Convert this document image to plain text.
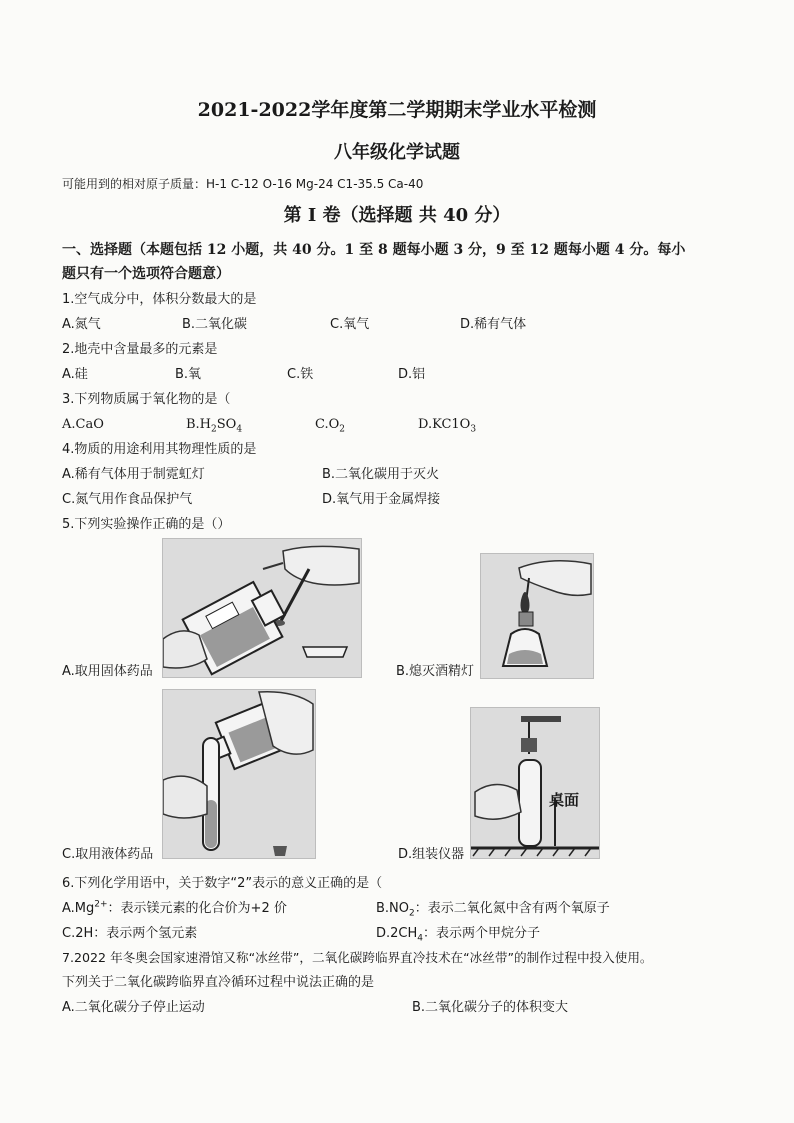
2021-2022学年度第二学期期末学业水平检测
八年级化学试题
可能用到的相对原子质量：H-1 C-12 O-16 Mg-24 C1-35.5 Ca-40
第 I 卷（选择题 共 40 分）
一、选择题（本题包括 12 小题，共 40 分。1 至 8 题每小题 3 分，9 至 12 题每小题 4 分。每小
题只有一个选项符合题意）
1.空气成分中，体积分数最大的是
A.氮气	B.二氧化碳	C.氧气	D.稀有气体
2.地壳中含量最多的元素是
A.硅	B.氧	C.铁	D.铝
3.下列物质属于氧化物的是（
A.CaO	$B.H_2SO_4$	$C.O_2$	$D.KC1O_3$
4.物质的用途利用其物理性质的是
A.稀有气体用于制霓虹灯	B.二氧化碳用于灭火
C.氮气用作食品保护气	D.氧气用于金属焊接
5.下列实验操作正确的是（）
A.取用固体药品	B.熄灭酒精灯
C.取用液体药品
桌面
D.组装仪器
6.下列化学用语中，关于数字“2”表示的意义正确的是（
$A.Mg^{2+}$：表示镁元素的化合价为+2 价	$B.NO_2$：表示二氧化氮中含有两个氧原子
C.2H：表示两个氢元素	$D.2CH_4$：表示两个甲烷分子
7.2022 年冬奥会国家速滑馆又称“冰丝带”，二氧化碳跨临界直冷技术在“冰丝带”的制作过程中投入使用。
下列关于二氧化碳跨临界直冷循环过程中说法正确的是
A.二氧化碳分子停止运动	B.二氧化碳分子的体积变大
